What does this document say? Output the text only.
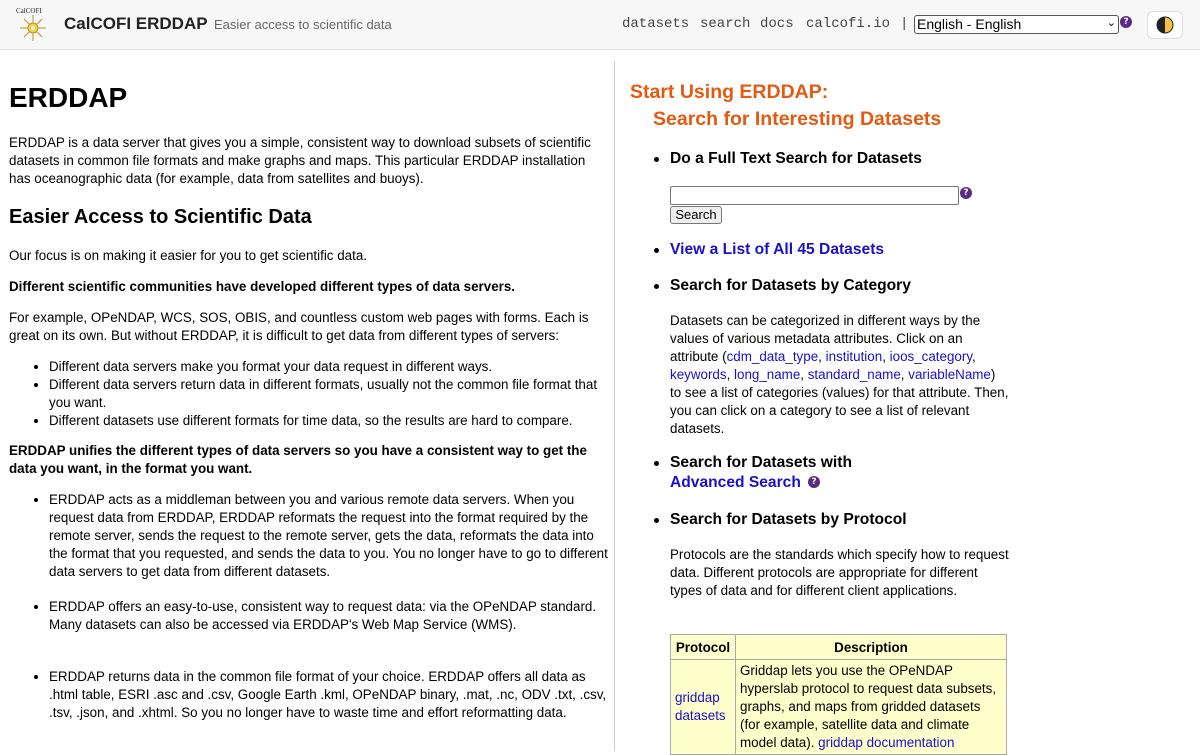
CalCOFI
CalCOFI ERDDAP Easier access to scientific data	datasets search docs calcofi.io | English - English	⌄ ?
ERDDAP

ERDDAP is a data server that gives you a simple, consistent way to download subsets of scientific datasets in common file formats and make graphs and maps. This particular ERDDAP installation has oceanographic data (for example, data from satellites and buoys).

Easier Access to Scientific Data

Our focus is on making it easier for you to get scientific data.

Different scientific communities have developed different types of data servers.

For example, OPeNDAP, WCS, SOS, OBIS, and countless custom web pages with forms. Each is great on its own. But without ERDDAP, it is difficult to get data from different types of servers:

• Different data servers make you format your data request in different ways.
• Different data servers return data in different formats, usually not the common file format that you want.
• Different datasets use different formats for time data, so the results are hard to compare.

ERDDAP unifies the different types of data servers so you have a consistent way to get the data you want, in the format you want.

• ERDDAP acts as a middleman between you and various remote data servers. When you request data from ERDDAP, ERDDAP reformats the request into the format required by the remote server, sends the request to the remote server, gets the data, reformats the data into the format that you requested, and sends the data to you. You no longer have to go to different data servers to get data from different datasets.
• ERDDAP offers an easy-to-use, consistent way to request data: via the OPeNDAP standard.
Many datasets can also be accessed via ERDDAP's Web Map Service (WMS).
• ERDDAP returns data in the common file format of your choice. ERDDAP offers all data as .html table, ESRI .asc and .csv, Google Earth .kml, OPeNDAP binary, .mat, .nc, ODV .txt, .csv, .tsv, .json, and .xhtml. So you no longer have to waste time and effort reformatting data.
Start Using ERDDAP:
Search for Interesting Datasets
Do a Full Text Search for Datasets
?
Search
View a List of All 45 Datasets
Search for Datasets by Category
Datasets can be categorized in different ways by the values of various metadata attributes. Click on an attribute (cdm_data_type, institution, ioos_category, keywords, long_name, standard_name, variableName) to see a list of categories (values) for that attribute. Then, you can click on a category to see a list of relevant datasets.
Search for Datasets with
Advanced Search	?
Search for Datasets by Protocol
Protocols are the standards which specify how to request data. Different protocols are appropriate for different types of data and for different client applications.
Protocol	Description
griddap datasets	Griddap lets you use the OPeNDAP hyperslab protocol to request data subsets, graphs, and maps from gridded datasets (for example, satellite data and climate model data). griddap documentation
